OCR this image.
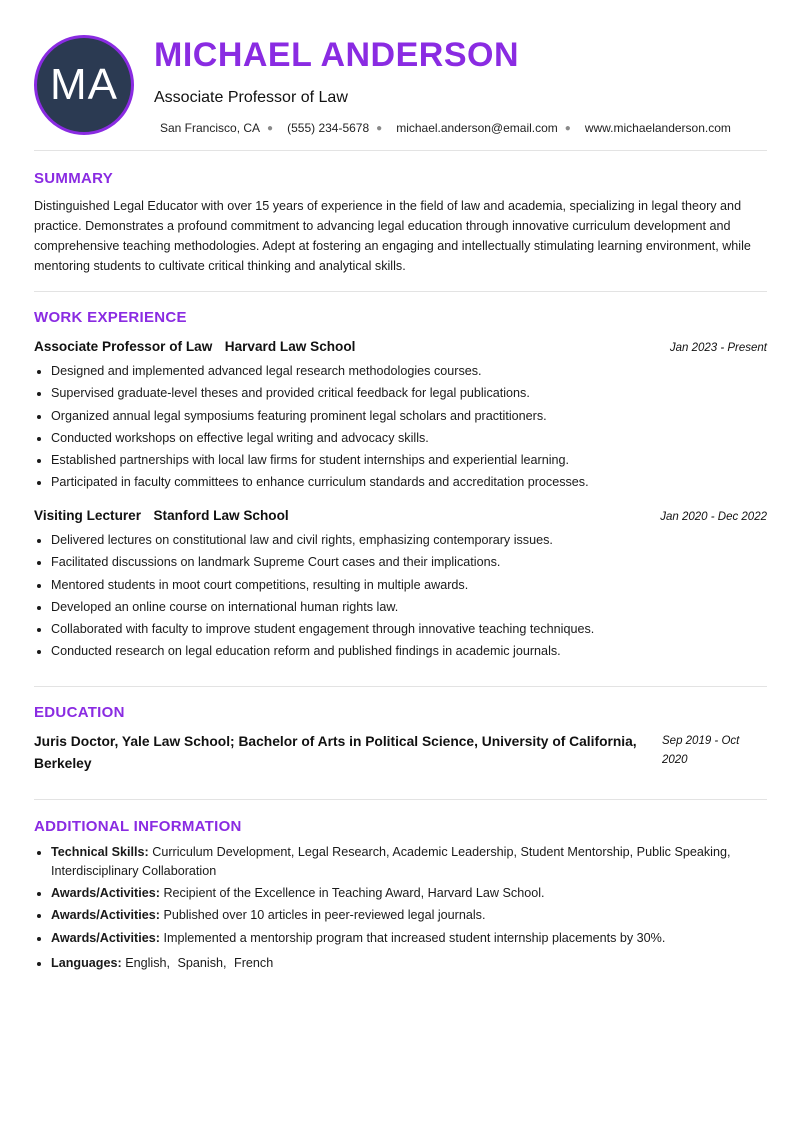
MA
MICHAEL ANDERSON
Associate Professor of Law
San Francisco, CA ● (555) 234-5678 ● michael.anderson@email.com ● www.michaelanderson.com
SUMMARY
Distinguished Legal Educator with over 15 years of experience in the field of law and academia, specializing in legal theory and practice. Demonstrates a profound commitment to advancing legal education through innovative curriculum development and comprehensive teaching methodologies. Adept at fostering an engaging and intellectually stimulating learning environment, while mentoring students to cultivate critical thinking and analytical skills.
WORK EXPERIENCE
Associate Professor of Law Harvard Law School	Jan 2023 - Present
• Designed and implemented advanced legal research methodologies courses.
• Supervised graduate-level theses and provided critical feedback for legal publications.
• Organized annual legal symposiums featuring prominent legal scholars and practitioners.
• Conducted workshops on effective legal writing and advocacy skills.
• Established partnerships with local law firms for student internships and experiential learning.
• Participated in faculty committees to enhance curriculum standards and accreditation processes.
Visiting Lecturer Stanford Law School	Jan 2020 - Dec 2022
• Delivered lectures on constitutional law and civil rights, emphasizing contemporary issues.
• Facilitated discussions on landmark Supreme Court cases and their implications.
• Mentored students in moot court competitions, resulting in multiple awards.
• Developed an online course on international human rights law.
• Collaborated with faculty to improve student engagement through innovative teaching techniques.
• Conducted research on legal education reform and published findings in academic journals.
EDUCATION
Juris Doctor, Yale Law School; Bachelor of Arts in Political Science, University of California, Berkeley
Sep 2019 - Oct 2020
ADDITIONAL INFORMATION
• Technical Skills: Curriculum Development, Legal Research, Academic Leadership, Student Mentorship, Public Speaking, Interdisciplinary Collaboration
• Awards/Activities: Recipient of the Excellence in Teaching Award, Harvard Law School.
• Awards/Activities: Published over 10 articles in peer-reviewed legal journals.
• Awards/Activities: Implemented a mentorship program that increased student internship placements by 30%.
• Languages: English, Spanish, French
